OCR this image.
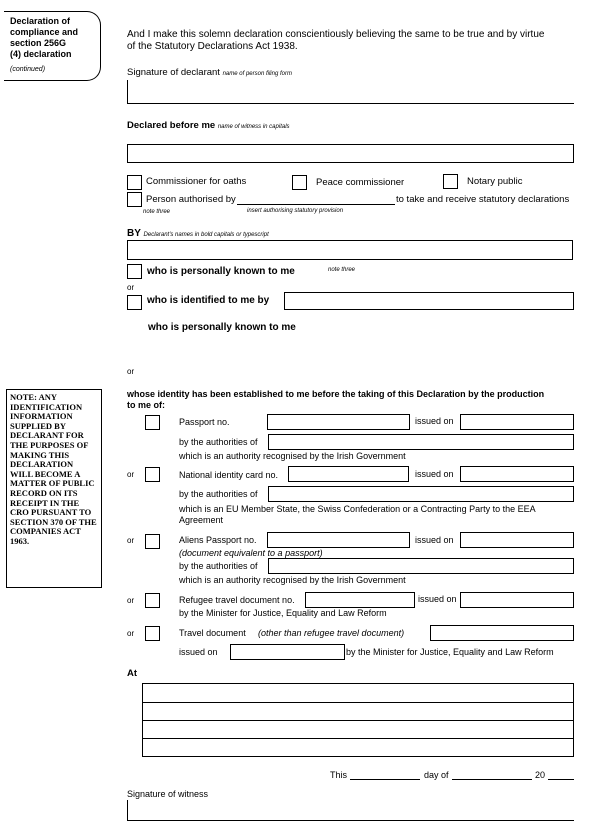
Declaration of
compliance and
section 256G
(4) declaration
(continued)
NOTE: ANY IDENTIFICATION INFORMATION SUPPLIED BY DECLARANT FOR THE PURPOSES OF MAKING THIS DECLARATION WILL BECOME A MATTER OF PUBLIC RECORD ON ITS RECEIPT IN THE CRO PURSUANT TO SECTION 370 OF THE COMPANIES ACT 1963.
And I make this solemn declaration conscientiously believing the same to be true and by virtue
of the Statutory Declarations Act 1938.
Signature of declarant name of person filing form
Declared before me name of witness in capitals
Commissioner for oaths	Peace commissioner	Notary public
Person authorised by	to take and receive statutory declarations
note three	insert authorising statutory provision
BY Declarant's names in bold capitals or typescript
who is personally known to me	note three
or
who is identified to me by
who is personally known to me
or
whose identity has been established to me before the taking of this Declaration by the production
to me of:
Passport no.	issued on
by the authorities of
which is an authority recognised by the Irish Government
or	National identity card no.	issued on
by the authorities of
which is an EU Member State, the Swiss Confederation or a Contracting Party to the EEA
Agreement
or	Aliens Passport no.	issued on
(document equivalent to a passport)
by the authorities of
which is an authority recognised by the Irish Government
or	Refugee travel document no.	issued on
by the Minister for Justice, Equality and Law Reform
or	Travel document (other than refugee travel document)
issued on	by the Minister for Justice, Equality and Law Reform
At
This	day of	20
Signature of witness
